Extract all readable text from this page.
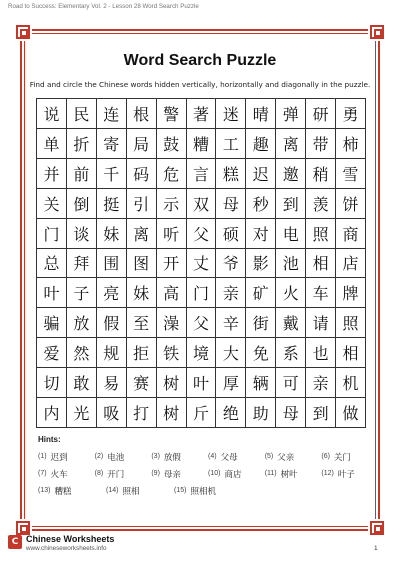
Road to Success: Elementary Vol. 2 - Lesson 28 Word Search Puzzle
Word Search Puzzle
Find and circle the Chinese words hidden vertically, horizontally and diagonally in the puzzle.
说 民 连 根 警 著 迷 晴 弹 研 勇
单 折 寄 局 鼓 糟 工 趣 离 带 柿
并 前 千 码 危 言 糕 迟 邀 稍 雪
关 倒 挺 引 示 双 母 秒 到 羡 饼
门 谈 妹 离 听 父 硕 对 电 照 商
总 拜 围 图 开 丈 爷 影 池 相 店
叶 子 亮 妹 高 门 亲 矿 火 车 牌
骗 放 假 至 澡 父 辛 街 戴 请 照
爱 然 规 拒 铁 境 大 免 系 也 相
切 敢 易 赛 树 叶 厚 辆 可 亲 机
内 光 吸 打 树 斤 绝 助 母 到 做
Hints:
(1) 迟到	(2) 电池	(3) 放假	(4) 父母	(5) 父亲	(6) 关门
(7) 火车	(8) 开门	(9) 母亲	(10) 商店	(11) 树叶	(12) 叶子
(13) 糟糕	(14) 照相	(15) 照相机
C Chinese Worksheets
www.chineseworksheets.info	1
